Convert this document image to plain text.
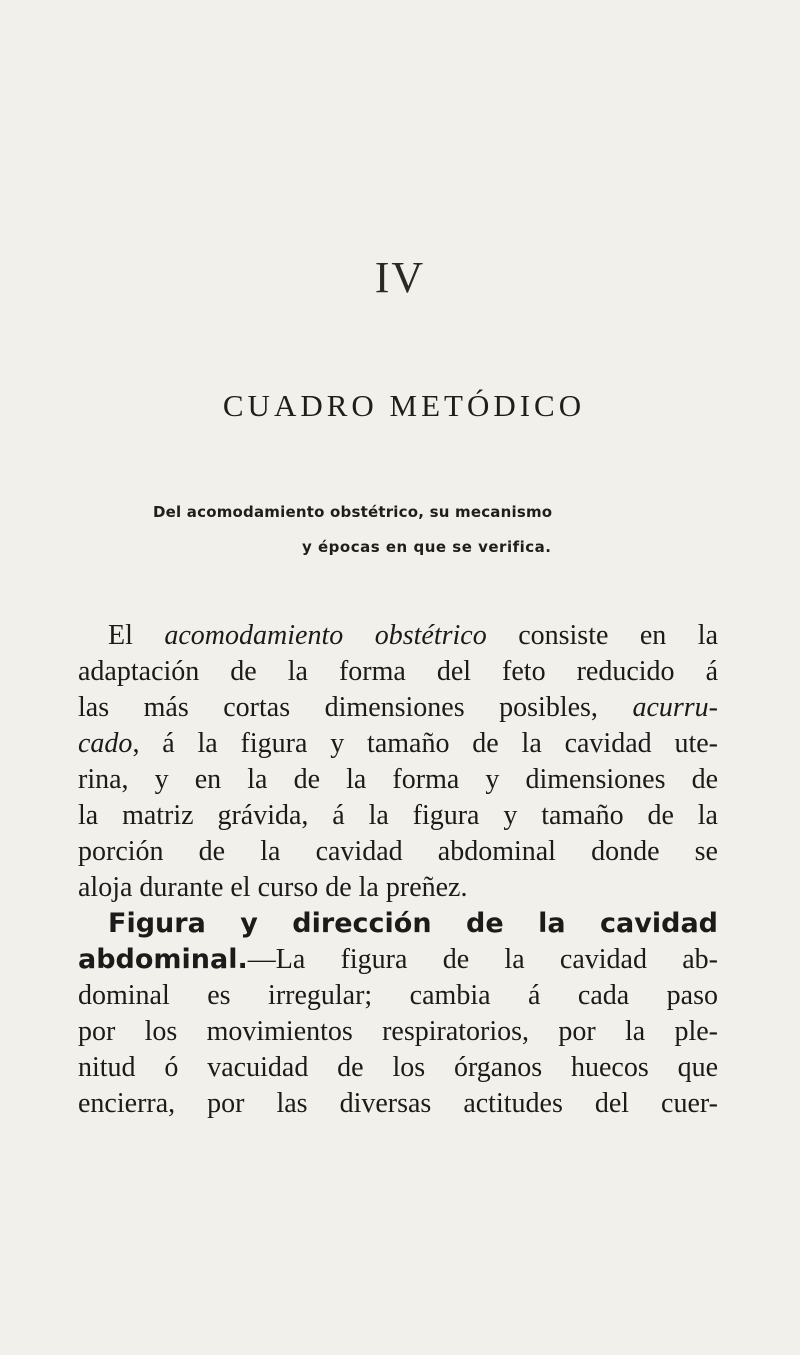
IV
CUADRO METÓDICO
Del acomodamiento obstétrico, su mecanismo
y épocas en que se verifica.
El acomodamiento obstétrico consiste en la
adaptación de la forma del feto reducido á
las más cortas dimensiones posibles, acurru-
cado, á la figura y tamaño de la cavidad ute-
rina, y en la de la forma y dimensiones de
la matriz grávida, á la figura y tamaño de la
porción de la cavidad abdominal donde se
aloja durante el curso de la preñez.
Figura y dirección de la cavidad
abdominal.—La figura de la cavidad ab-
dominal es irregular; cambia á cada paso
por los movimientos respiratorios, por la ple-
nitud ó vacuidad de los órganos huecos que
encierra, por las diversas actitudes del cuer-
